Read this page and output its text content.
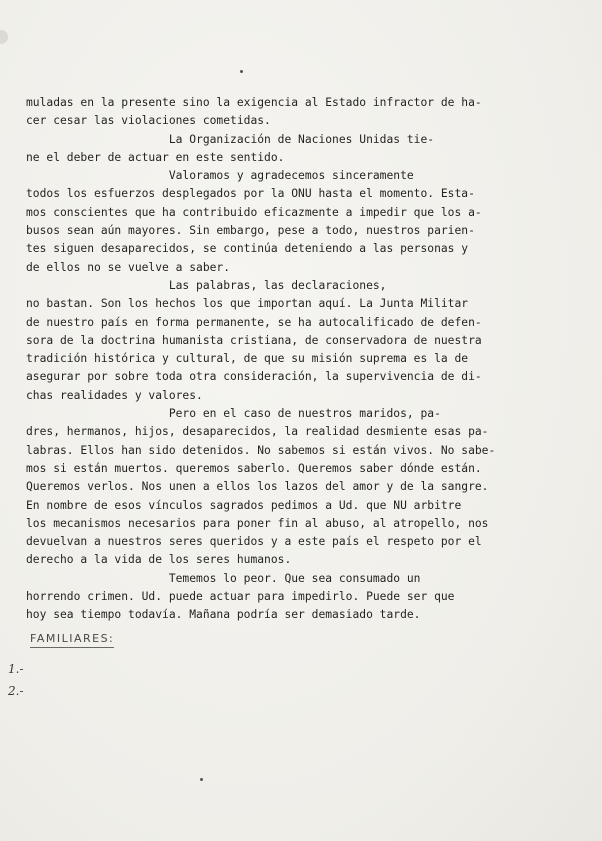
muladas en la presente sino la exigencia al Estado infractor de ha-
cer cesar las violaciones cometidas.
La Organización de Naciones Unidas tie-
ne el deber de actuar en este sentido.
Valoramos y agradecemos sinceramente
todos los esfuerzos desplegados por la ONU hasta el momento. Esta-
mos conscientes que ha contribuido eficazmente a impedir que los a-
busos sean aún mayores. Sin embargo, pese a todo, nuestros parien-
tes siguen desaparecidos, se continúa deteniendo a las personas y
de ellos no se vuelve a saber.
Las palabras, las declaraciones,
no bastan. Son los hechos los que importan aquí. La Junta Militar
de nuestro país en forma permanente, se ha autocalificado de defen-
sora de la doctrina humanista cristiana, de conservadora de nuestra
tradición histórica y cultural, de que su misión suprema es la de
asegurar por sobre toda otra consideración, la supervivencia de di-
chas realidades y valores.
Pero en el caso de nuestros maridos, pa-
dres, hermanos, hijos, desaparecidos, la realidad desmiente esas pa-
labras. Ellos han sido detenidos. No sabemos si están vivos. No sabe-
mos si están muertos. queremos saberlo. Queremos saber dónde están.
Queremos verlos. Nos unen a ellos los lazos del amor y de la sangre.
En nombre de esos vínculos sagrados pedimos a Ud. que NU arbitre
los mecanismos necesarios para poner fin al abuso, al atropello, nos
devuelvan a nuestros seres queridos y a este país el respeto por el
derecho a la vida de los seres humanos.
Tememos lo peor. Que sea consumado un
horrendo crimen. Ud. puede actuar para impedirlo. Puede ser que
hoy sea tiempo todavía. Mañana podría ser demasiado tarde.
FAMILIARES:
1.-
2.-
